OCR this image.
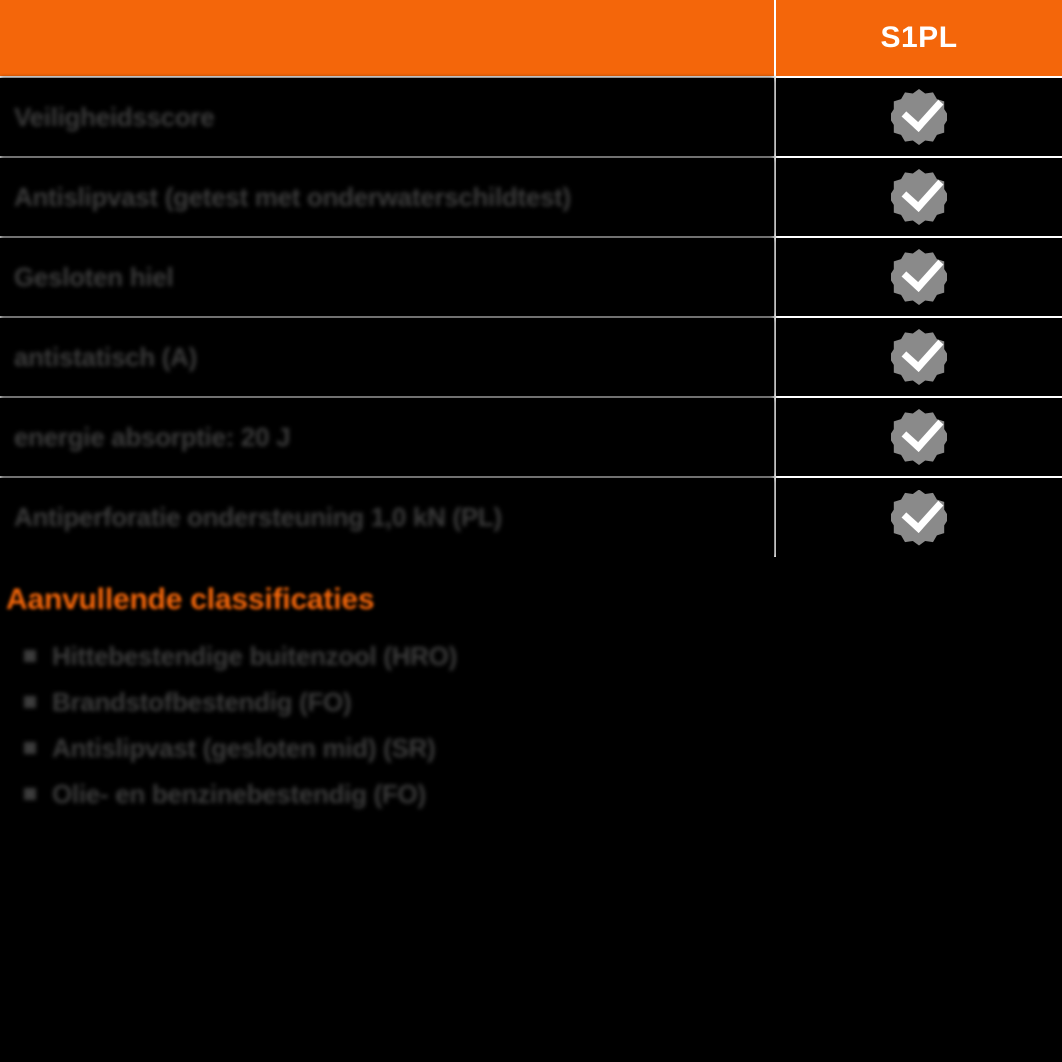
	S1PL
Veiligheidsscore	

Antislipvast (getest met onderwaterschildtest)	

Gesloten hiel	

antistatisch (A)	

energie absorptie: 20 J	

Antiperforatie ondersteuning 1,0 kN (PL)	
Aanvullende classificaties
Hittebestendige buitenzool (HRO)
Brandstofbestendig (FO)
Antislipvast (gesloten mid) (SR)
Olie- en benzinebestendig (FO)
